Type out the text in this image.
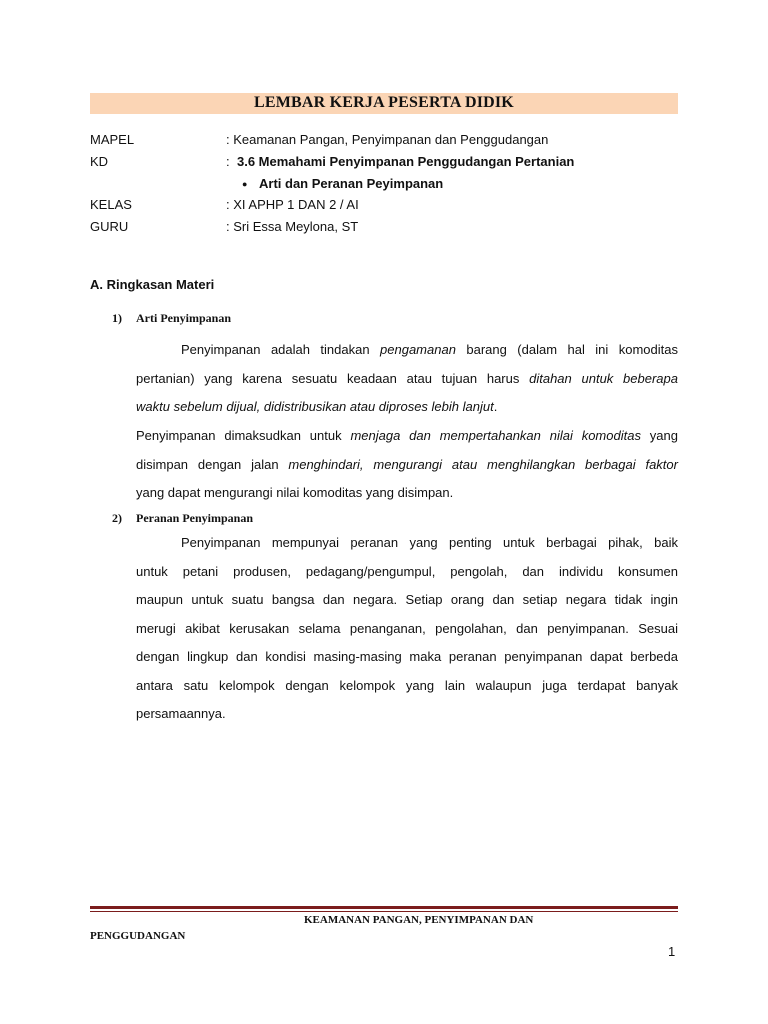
LEMBAR KERJA PESERTA DIDIK
MAPEL	: Keamanan Pangan, Penyimpanan dan Penggudangan
KD	: 3.6 Memahami Penyimpanan Penggudangan Pertanian
● Arti dan Peranan Peyimpanan
KELAS	: XI APHP 1 DAN 2 / AI
GURU	: Sri Essa Meylona, ST
A. Ringkasan Materi
1) Arti Penyimpanan
Penyimpanan adalah tindakan pengamanan barang (dalam hal ini komoditas
pertanian) yang karena sesuatu keadaan atau tujuan harus ditahan untuk beberapa
waktu sebelum dijual, didistribusikan atau diproses lebih lanjut.
Penyimpanan dimaksudkan untuk menjaga dan mempertahankan nilai komoditas yang
disimpan dengan jalan menghindari, mengurangi atau menghilangkan berbagai faktor
yang dapat mengurangi nilai komoditas yang disimpan.
2) Peranan Penyimpanan
Penyimpanan mempunyai peranan yang penting untuk berbagai pihak, baik
untuk petani produsen, pedagang/pengumpul, pengolah, dan individu konsumen
maupun untuk suatu bangsa dan negara. Setiap orang dan setiap negara tidak ingin
merugi akibat kerusakan selama penanganan, pengolahan, dan penyimpanan. Sesuai
dengan lingkup dan kondisi masing-masing maka peranan penyimpanan dapat berbeda
antara satu kelompok dengan kelompok yang lain walaupun juga terdapat banyak
persamaannya.
KEAMANAN PANGAN, PENYIMPANAN DAN
PENGGUDANGAN
1
